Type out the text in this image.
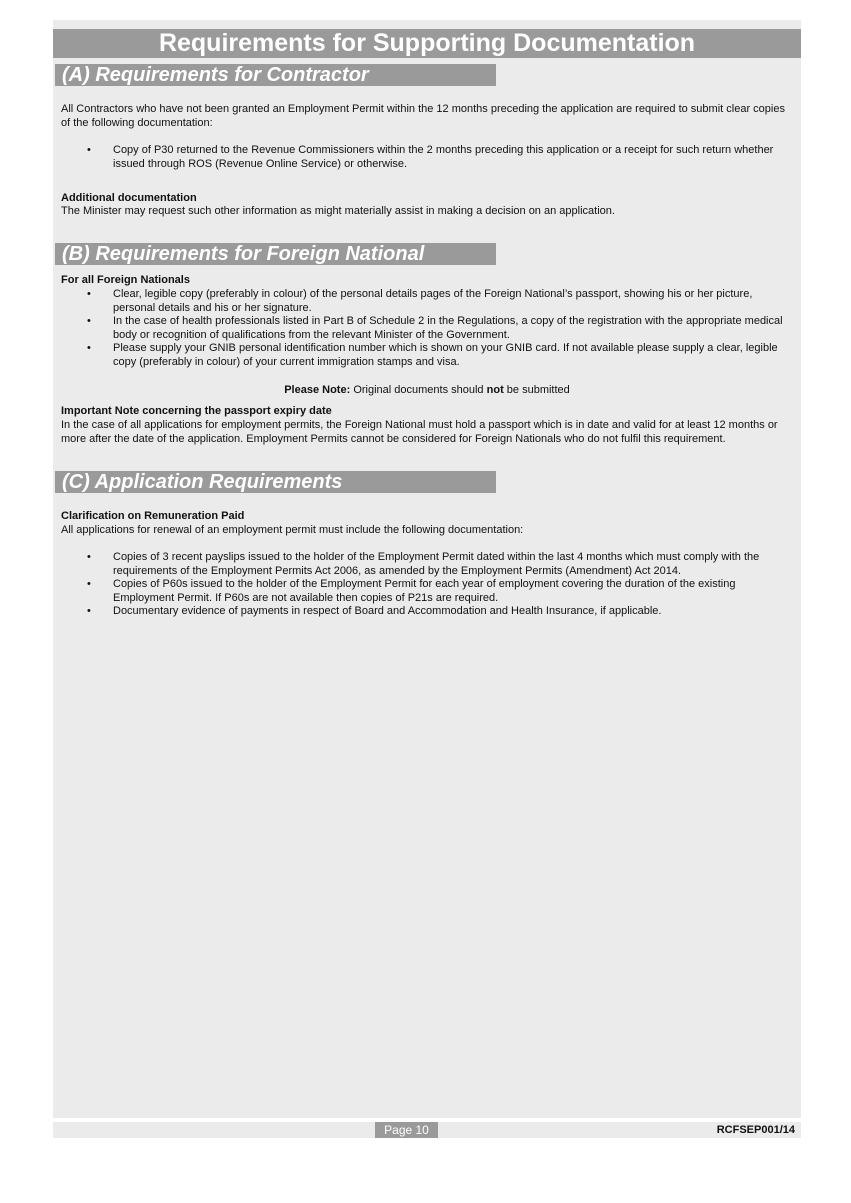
Requirements for Supporting Documentation
(A) Requirements for Contractor
All Contractors who have not been granted an Employment Permit within the 12 months preceding the application are required to submit clear copies of the following documentation:
• Copy of P30 returned to the Revenue Commissioners within the 2 months preceding this application or a receipt for such return whether issued through ROS (Revenue Online Service) or otherwise.
Additional documentation
The Minister may request such other information as might materially assist in making a decision on an application.
(B) Requirements for Foreign National
For all Foreign Nationals
• Clear, legible copy (preferably in colour) of the personal details pages of the Foreign National’s passport, showing his or her picture, personal details and his or her signature.
• In the case of health professionals listed in Part B of Schedule 2 in the Regulations, a copy of the registration with the appropriate medical body or recognition of qualifications from the relevant Minister of the Government.
• Please supply your GNIB personal identification number which is shown on your GNIB card. If not available please supply a clear, legible copy (preferably in colour) of your current immigration stamps and visa.
Please Note: Original documents should not be submitted
Important Note concerning the passport expiry date
In the case of all applications for employment permits, the Foreign National must hold a passport which is in date and valid for at least 12 months or more after the date of the application. Employment Permits cannot be considered for Foreign Nationals who do not fulfil this requirement.
(C) Application Requirements
Clarification on Remuneration Paid
All applications for renewal of an employment permit must include the following documentation:
• Copies of 3 recent payslips issued to the holder of the Employment Permit dated within the last 4 months which must comply with the requirements of the Employment Permits Act 2006, as amended by the Employment Permits (Amendment) Act 2014.
• Copies of P60s issued to the holder of the Employment Permit for each year of employment covering the duration of the existing Employment Permit. If P60s are not available then copies of P21s are required.
• Documentary evidence of payments in respect of Board and Accommodation and Health Insurance, if applicable.
Page 10	RCFSEP001/14
